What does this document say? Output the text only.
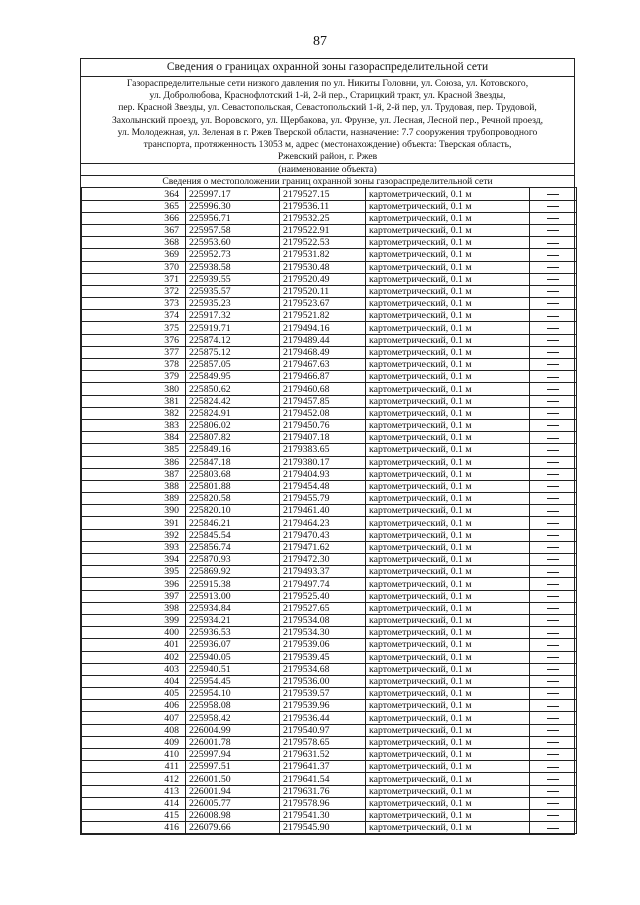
87
Сведения о границах охранной зоны газораспределительной сети
Газораспределительные сети низкого давления по ул. Никиты Головни, ул. Союза, ул. Котовского,
ул. Добролюбова, Краснофлотский 1-й, 2-й пер., Старицкий тракт, ул. Красной Звезды,
пер. Красной Звезды, ул. Севастопольская, Севастопольский 1-й, 2-й пер, ул. Трудовая, пер. Трудовой,
Захолынский проезд, ул. Воровского, ул. Щербакова, ул. Фрунзе, ул. Лесная, Лесной пер., Речной проезд,
ул. Молодежная, ул. Зеленая в г. Ржев Тверской области, назначение: 7.7 сооружения трубопроводного
транспорта, протяженность 13053 м, адрес (местонахождение) объекта: Тверская область,
Ржевский район, г. Ржев
(наименование объекта)
Сведения о местоположении границ охранной зоны газораспределительной сети
364	225997.17	2179527.15	картометрический, 0.1 м	
365	225996.30	2179536.11	картометрический, 0.1 м	
366	225956.71	2179532.25	картометрический, 0.1 м	
367	225957.58	2179522.91	картометрический, 0.1 м	
368	225953.60	2179522.53	картометрический, 0.1 м	
369	225952.73	2179531.82	картометрический, 0.1 м	
370	225938.58	2179530.48	картометрический, 0.1 м	
371	225939.55	2179520.49	картометрический, 0.1 м	
372	225935.57	2179520.11	картометрический, 0.1 м	
373	225935.23	2179523.67	картометрический, 0.1 м	
374	225917.32	2179521.82	картометрический, 0.1 м	
375	225919.71	2179494.16	картометрический, 0.1 м	
376	225874.12	2179489.44	картометрический, 0.1 м	
377	225875.12	2179468.49	картометрический, 0.1 м	
378	225857.05	2179467.63	картометрический, 0.1 м	
379	225849.95	2179466.87	картометрический, 0.1 м	
380	225850.62	2179460.68	картометрический, 0.1 м	
381	225824.42	2179457.85	картометрический, 0.1 м	
382	225824.91	2179452.08	картометрический, 0.1 м	
383	225806.02	2179450.76	картометрический, 0.1 м	
384	225807.82	2179407.18	картометрический, 0.1 м	
385	225849.16	2179383.65	картометрический, 0.1 м	
386	225847.18	2179380.17	картометрический, 0.1 м	
387	225803.68	2179404.93	картометрический, 0.1 м	
388	225801.88	2179454.48	картометрический, 0.1 м	
389	225820.58	2179455.79	картометрический, 0.1 м	
390	225820.10	2179461.40	картометрический, 0.1 м	
391	225846.21	2179464.23	картометрический, 0.1 м	
392	225845.54	2179470.43	картометрический, 0.1 м	
393	225856.74	2179471.62	картометрический, 0.1 м	
394	225870.93	2179472.30	картометрический, 0.1 м	
395	225869.92	2179493.37	картометрический, 0.1 м	
396	225915.38	2179497.74	картометрический, 0.1 м	
397	225913.00	2179525.40	картометрический, 0.1 м	
398	225934.84	2179527.65	картометрический, 0.1 м	
399	225934.21	2179534.08	картометрический, 0.1 м	
400	225936.53	2179534.30	картометрический, 0.1 м	
401	225936.07	2179539.06	картометрический, 0.1 м	
402	225940.05	2179539.45	картометрический, 0.1 м	
403	225940.51	2179534.68	картометрический, 0.1 м	
404	225954.45	2179536.00	картометрический, 0.1 м	
405	225954.10	2179539.57	картометрический, 0.1 м	
406	225958.08	2179539.96	картометрический, 0.1 м	
407	225958.42	2179536.44	картометрический, 0.1 м	
408	226004.99	2179540.97	картометрический, 0.1 м	
409	226001.78	2179578.65	картометрический, 0.1 м	
410	225997.94	2179631.52	картометрический, 0.1 м	
411	225997.51	2179641.37	картометрический, 0.1 м	
412	226001.50	2179641.54	картометрический, 0.1 м	
413	226001.94	2179631.76	картометрический, 0.1 м	
414	226005.77	2179578.96	картометрический, 0.1 м	
415	226008.98	2179541.30	картометрический, 0.1 м	
416	226079.66	2179545.90	картометрический, 0.1 м	
